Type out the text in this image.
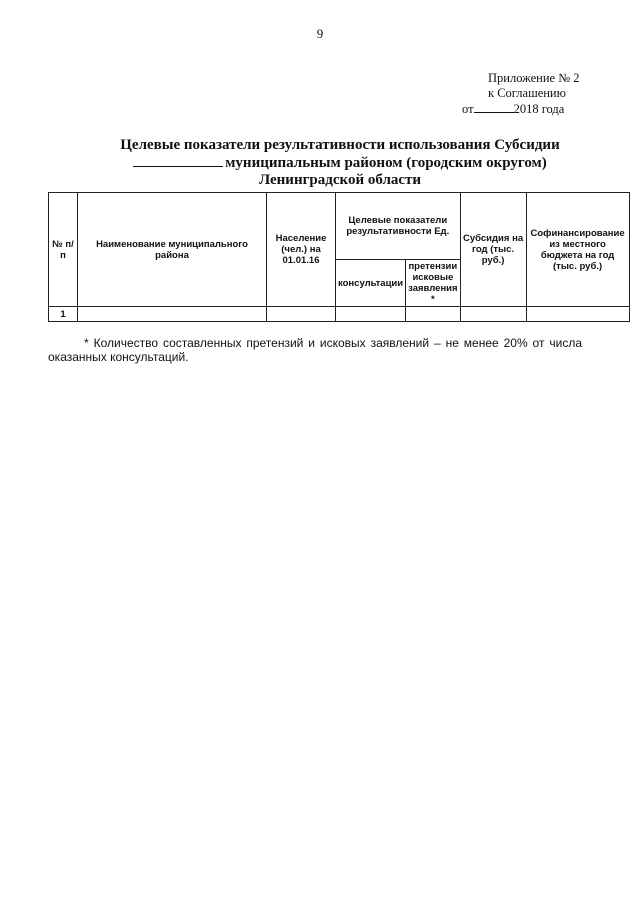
9
Приложение № 2
к Соглашению
от	2018 года
Целевые показатели результативности использования Субсидии
муниципальным районом (городским округом)
Ленинградской области
№ п/п	Наименование муниципального района	Население (чел.) на 01.01.16	Целевые показатели результативности Ед.		Субсидия на год (тыс. руб.)	Софинансирование из местного бюджета на год (тыс. руб.)
			консультации	претензии исковые заявления *		
1						
* Количество составленных претензий и исковых заявлений – не менее 20% от числа оказанных консультаций.
